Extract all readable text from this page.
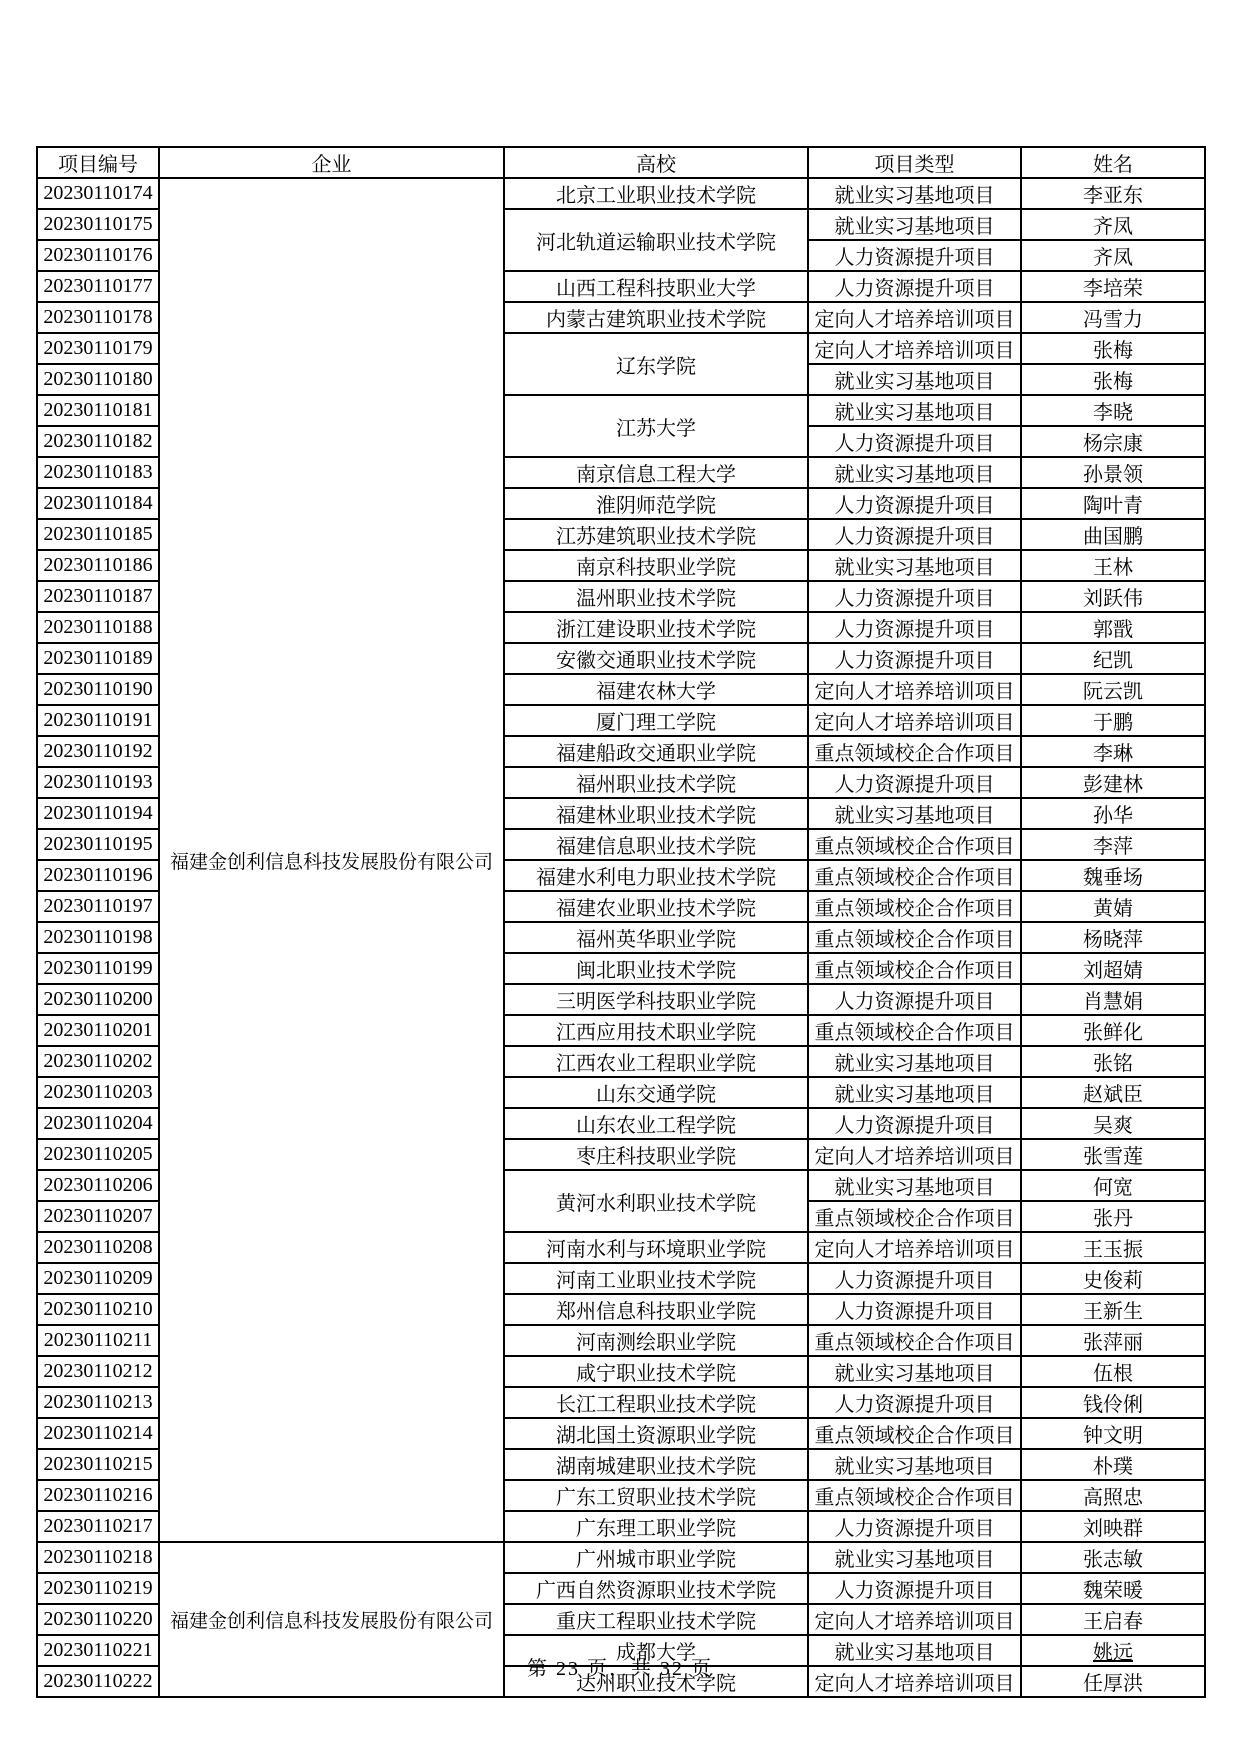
项目编号	企业	高校	项目类型	姓名
20230110174	福建金创利信息科技发展股份有限公司	北京工业职业技术学院	就业实习基地项目	李亚东
20230110175		河北轨道运输职业技术学院	就业实习基地项目	齐凤
20230110176			人力资源提升项目	齐凤
20230110177		山西工程科技职业大学	人力资源提升项目	李培荣
20230110178		内蒙古建筑职业技术学院	定向人才培养培训项目	冯雪力
20230110179		辽东学院	定向人才培养培训项目	张梅
20230110180			就业实习基地项目	张梅
20230110181		江苏大学	就业实习基地项目	李晓
20230110182			人力资源提升项目	杨宗康
20230110183		南京信息工程大学	就业实习基地项目	孙景领
20230110184		淮阴师范学院	人力资源提升项目	陶叶青
20230110185		江苏建筑职业技术学院	人力资源提升项目	曲国鹏
20230110186		南京科技职业学院	就业实习基地项目	王林
20230110187		温州职业技术学院	人力资源提升项目	刘跃伟
20230110188		浙江建设职业技术学院	人力资源提升项目	郭戬
20230110189		安徽交通职业技术学院	人力资源提升项目	纪凯
20230110190		福建农林大学	定向人才培养培训项目	阮云凯
20230110191		厦门理工学院	定向人才培养培训项目	于鹏
20230110192		福建船政交通职业学院	重点领域校企合作项目	李琳
20230110193		福州职业技术学院	人力资源提升项目	彭建林
20230110194		福建林业职业技术学院	就业实习基地项目	孙华
20230110195		福建信息职业技术学院	重点领域校企合作项目	李萍
20230110196		福建水利电力职业技术学院	重点领域校企合作项目	魏垂场
20230110197		福建农业职业技术学院	重点领域校企合作项目	黄婧
20230110198		福州英华职业学院	重点领域校企合作项目	杨晓萍
20230110199		闽北职业技术学院	重点领域校企合作项目	刘超婧
20230110200		三明医学科技职业学院	人力资源提升项目	肖慧娟
20230110201		江西应用技术职业学院	重点领域校企合作项目	张鲜化
20230110202		江西农业工程职业学院	就业实习基地项目	张铭
20230110203		山东交通学院	就业实习基地项目	赵斌臣
20230110204		山东农业工程学院	人力资源提升项目	吴爽
20230110205		枣庄科技职业学院	定向人才培养培训项目	张雪莲
20230110206		黄河水利职业技术学院	就业实习基地项目	何宽
20230110207			重点领域校企合作项目	张丹
20230110208		河南水利与环境职业学院	定向人才培养培训项目	王玉振
20230110209		河南工业职业技术学院	人力资源提升项目	史俊莉
20230110210		郑州信息科技职业学院	人力资源提升项目	王新生
20230110211		河南测绘职业学院	重点领域校企合作项目	张萍丽
20230110212		咸宁职业技术学院	就业实习基地项目	伍根
20230110213		长江工程职业技术学院	人力资源提升项目	钱伶俐
20230110214		湖北国土资源职业学院	重点领域校企合作项目	钟文明
20230110215		湖南城建职业技术学院	就业实习基地项目	朴璞
20230110216		广东工贸职业技术学院	重点领域校企合作项目	高照忠
20230110217		广东理工职业学院	人力资源提升项目	刘映群
20230110218	福建金创利信息科技发展股份有限公司	广州城市职业学院	就业实习基地项目	张志敏
20230110219		广西自然资源职业技术学院	人力资源提升项目	魏荣暖
20230110220		重庆工程职业技术学院	定向人才培养培训项目	王启春
20230110221		成都大学	就业实习基地项目	姚远
20230110222		达州职业技术学院	定向人才培养培训项目	任厚洪
第 23 页，共 32 页
